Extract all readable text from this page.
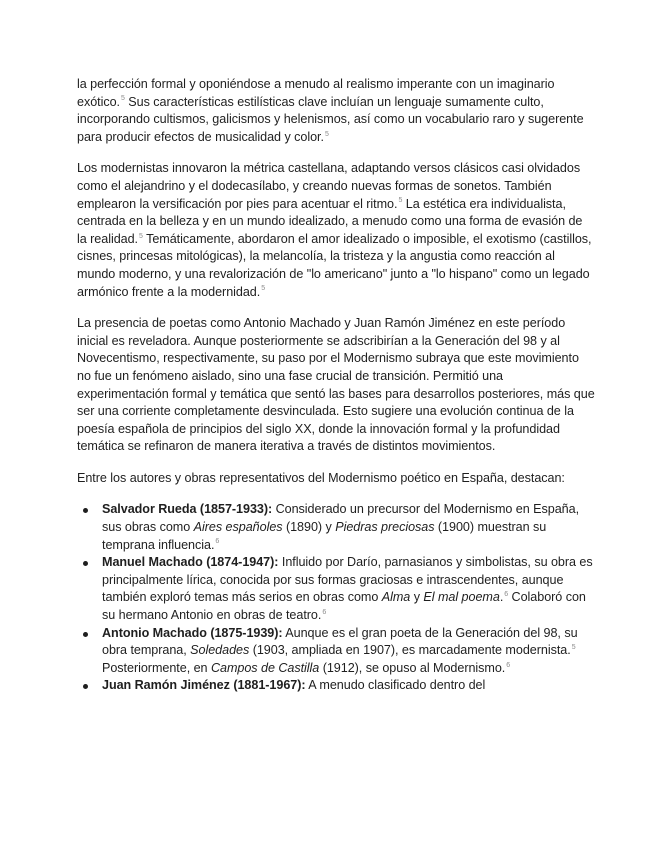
la perfección formal y oponiéndose a menudo al realismo imperante con un imaginario exótico.$^5$ Sus características estilísticas clave incluían un lenguaje sumamente culto, incorporando cultismos, galicismos y helenismos, así como un vocabulario raro y sugerente para producir efectos de musicalidad y color.$^5$

Los modernistas innovaron la métrica castellana, adaptando versos clásicos casi olvidados como el alejandrino y el dodecasílabo, y creando nuevas formas de sonetos. También emplearon la versificación por pies para acentuar el ritmo.$^5$ La estética era individualista, centrada en la belleza y en un mundo idealizado, a menudo como una forma de evasión de la realidad.$^5$ Temáticamente, abordaron el amor idealizado o imposible, el exotismo (castillos, cisnes, princesas mitológicas), la melancolía, la tristeza y la angustia como reacción al mundo moderno, y una revalorización de "lo americano" junto a "lo hispano" como un legado armónico frente a la modernidad.$^5$

La presencia de poetas como Antonio Machado y Juan Ramón Jiménez en este período inicial es reveladora. Aunque posteriormente se adscribirían a la Generación del 98 y al Novecentismo, respectivamente, su paso por el Modernismo subraya que este movimiento no fue un fenómeno aislado, sino una fase crucial de transición. Permitió una experimentación formal y temática que sentó las bases para desarrollos posteriores, más que ser una corriente completamente desvinculada. Esto sugiere una evolución continua de la poesía española de principios del siglo XX, donde la innovación formal y la profundidad temática se refinaron de manera iterativa a través de distintos movimientos.

Entre los autores y obras representativos del Modernismo poético en España, destacan:

Salvador Rueda (1857-1933): Considerado un precursor del Modernismo en España, sus obras como Aires españoles (1890) y Piedras preciosas (1900) muestran su temprana influencia.$^6$
Manuel Machado (1874-1947): Influido por Darío, parnasianos y simbolistas, su obra es principalmente lírica, conocida por sus formas graciosas e intrascendentes, aunque también exploró temas más serios en obras como Alma y El mal poema.$^6$ Colaboró con su hermano Antonio en obras de teatro.$^6$
Antonio Machado (1875-1939): Aunque es el gran poeta de la Generación del 98, su obra temprana, Soledades (1903, ampliada en 1907), es marcadamente modernista.$^5$ Posteriormente, en Campos de Castilla (1912), se opuso al Modernismo.$^6$
Juan Ramón Jiménez (1881-1967): A menudo clasificado dentro del
